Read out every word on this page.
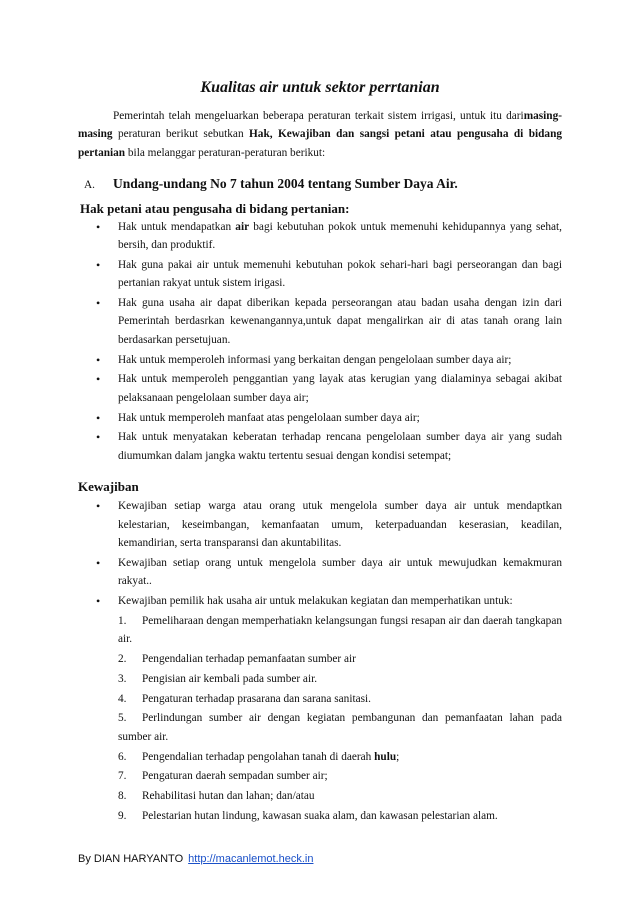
Kualitas air untuk sektor perrtanian

Pemerintah telah mengeluarkan beberapa peraturan terkait sistem irrigasi, untuk itu darimasing-masing peraturan berikut sebutkan Hak, Kewajiban dan sangsi petani atau pengusaha di bidang pertanian bila melanggar peraturan-peraturan berikut:

A.	Undang-undang No 7 tahun 2004 tentang Sumber Daya Air.
Hak petani atau pengusaha di bidang pertanian:
• Hak untuk mendapatkan air bagi kebutuhan pokok untuk memenuhi kehidupannya yang sehat, bersih, dan produktif.
• Hak guna pakai air untuk memenuhi kebutuhan pokok sehari-hari bagi perseorangan dan bagi pertanian rakyat untuk sistem irigasi.
• Hak guna usaha air dapat diberikan kepada perseorangan atau badan usaha dengan izin dari Pemerintah berdasrkan kewenangannya,untuk dapat mengalirkan air di atas tanah orang lain berdasarkan persetujuan.
• Hak untuk memperoleh informasi yang berkaitan dengan pengelolaan sumber daya air;
• Hak untuk memperoleh penggantian yang layak atas kerugian yang dialaminya sebagai akibat pelaksanaan pengelolaan sumber daya air;
• Hak untuk memperoleh manfaat atas pengelolaan sumber daya air;
• Hak untuk menyatakan keberatan terhadap rencana pengelolaan sumber daya air yang sudah diumumkan dalam jangka waktu tertentu sesuai dengan kondisi setempat;
Kewajiban
• Kewajiban setiap warga atau orang utuk mengelola sumber daya air untuk mendaptkan kelestarian, keseimbangan, kemanfaatan umum, keterpaduandan keserasian, keadilan, kemandirian, serta transparansi dan akuntabilitas.
• Kewajiban setiap orang untuk mengelola sumber daya air untuk mewujudkan kemakmuran rakyat..
• Kewajiban pemilik hak usaha air untuk melakukan kegiatan dan memperhatikan untuk:
1. Pemeliharaan dengan memperhatiakn kelangsungan fungsi resapan air dan daerah tangkapan air.
2. Pengendalian terhadap pemanfaatan sumber air
3. Pengisian air kembali pada sumber air.
4. Pengaturan terhadap prasarana dan sarana sanitasi.
5. Perlindungan sumber air dengan kegiatan pembangunan dan pemanfaatan lahan pada sumber air.
6. Pengendalian terhadap pengolahan tanah di daerah hulu;
7. Pengaturan daerah sempadan sumber air;
8. Rehabilitasi hutan dan lahan; dan/atau
9. Pelestarian hutan lindung, kawasan suaka alam, dan kawasan pelestarian alam.
By DIAN HARYANTO http://macanlemot.heck.in
